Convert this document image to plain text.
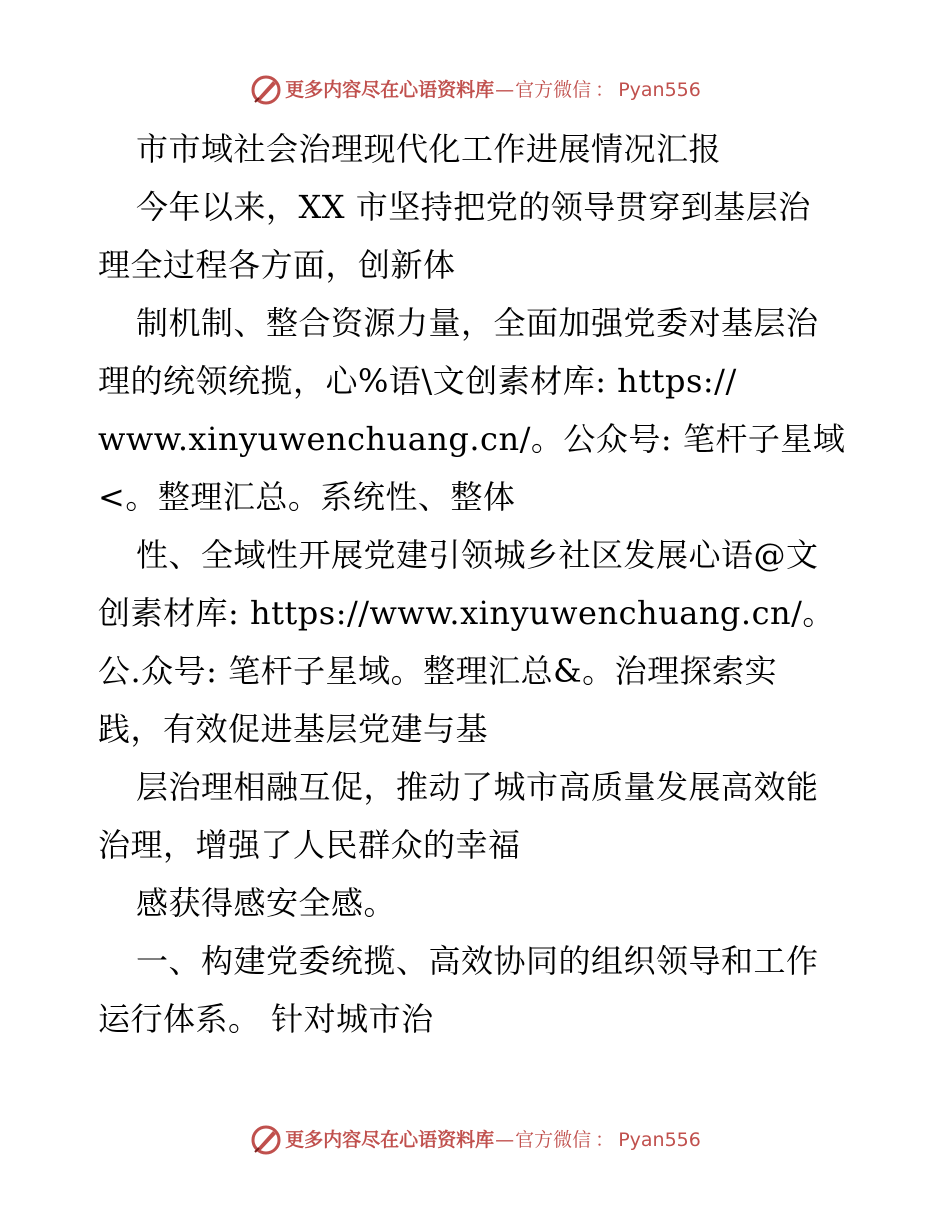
更多内容尽在心语资料库 — 官方微信 ： Pyan556
市市域社会治理现代化工作进展情况汇报
今年以来，XX 市坚持把党的领导贯穿到基层治
理全过程各方面，创新体
制机制、整合资源力量，全面加强党委对基层治
理的统领统揽，心%语\文创素材库: https://
www.xinyuwenchuang.cn/。公众号: 笔杆子星域
<。整理汇总。系统性、整体
性、全域性开展党建引领城乡社区发展心语@文
创素材库: https://www.xinyuwenchuang.cn/。
公.众号: 笔杆子星域。整理汇总&。治理探索实
践，有效促进基层党建与基
层治理相融互促，推动了城市高质量发展高效能
治理，增强了人民群众的幸福
感获得感安全感。
一、构建党委统揽、高效协同的组织领导和工作
运行体系。 针对城市治
更多内容尽在心语资料库 — 官方微信 ： Pyan556
